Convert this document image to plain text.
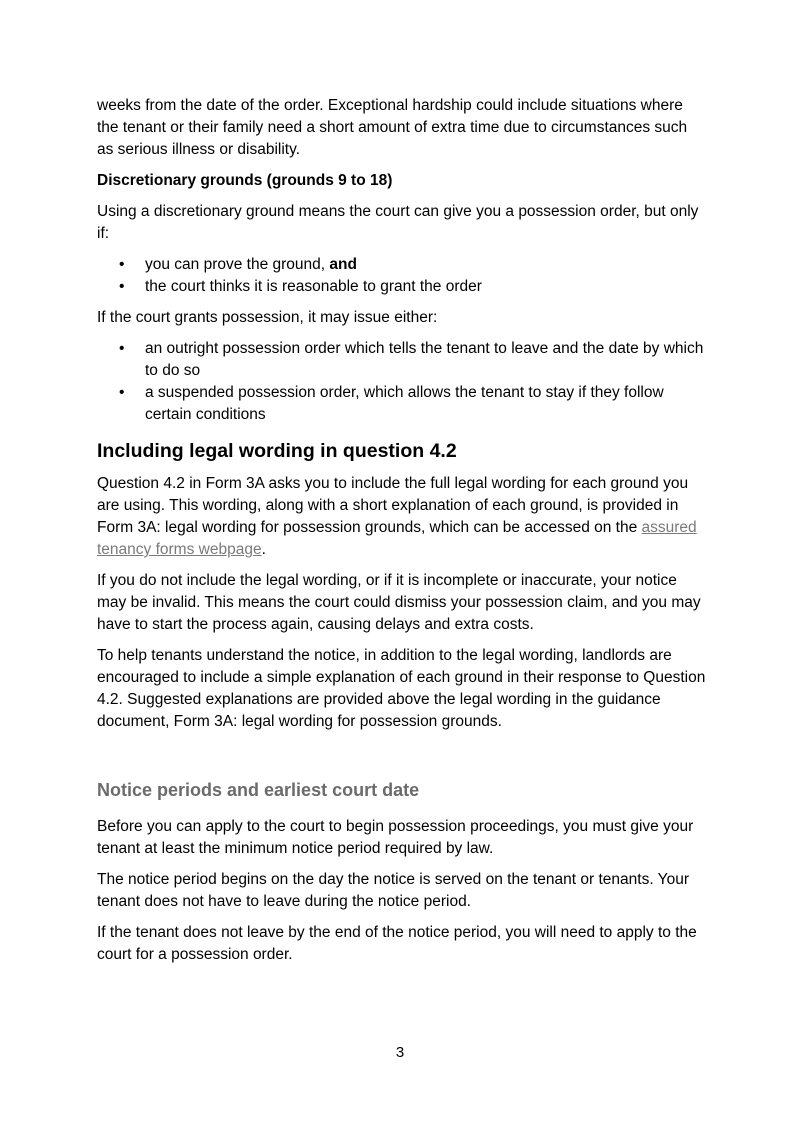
weeks from the date of the order. Exceptional hardship could include situations where the tenant or their family need a short amount of extra time due to circumstances such as serious illness or disability.

Discretionary grounds (grounds 9 to 18)

Using a discretionary ground means the court can give you a possession order, but only if:

• you can prove the ground, and
• the court thinks it is reasonable to grant the order

If the court grants possession, it may issue either:

• an outright possession order which tells the tenant to leave and the date by which to do so
• a suspended possession order, which allows the tenant to stay if they follow certain conditions
Including legal wording in question 4.2

Question 4.2 in Form 3A asks you to include the full legal wording for each ground you are using. This wording, along with a short explanation of each ground, is provided in Form 3A: legal wording for possession grounds, which can be accessed on the assured tenancy forms webpage.

If you do not include the legal wording, or if it is incomplete or inaccurate, your notice may be invalid. This means the court could dismiss your possession claim, and you may have to start the process again, causing delays and extra costs.

To help tenants understand the notice, in addition to the legal wording, landlords are encouraged to include a simple explanation of each ground in their response to Question 4.2. Suggested explanations are provided above the legal wording in the guidance document, Form 3A: legal wording for possession grounds.

Notice periods and earliest court date

Before you can apply to the court to begin possession proceedings, you must give your tenant at least the minimum notice period required by law.

The notice period begins on the day the notice is served on the tenant or tenants. Your tenant does not have to leave during the notice period.

If the tenant does not leave by the end of the notice period, you will need to apply to the court for a possession order.

3
